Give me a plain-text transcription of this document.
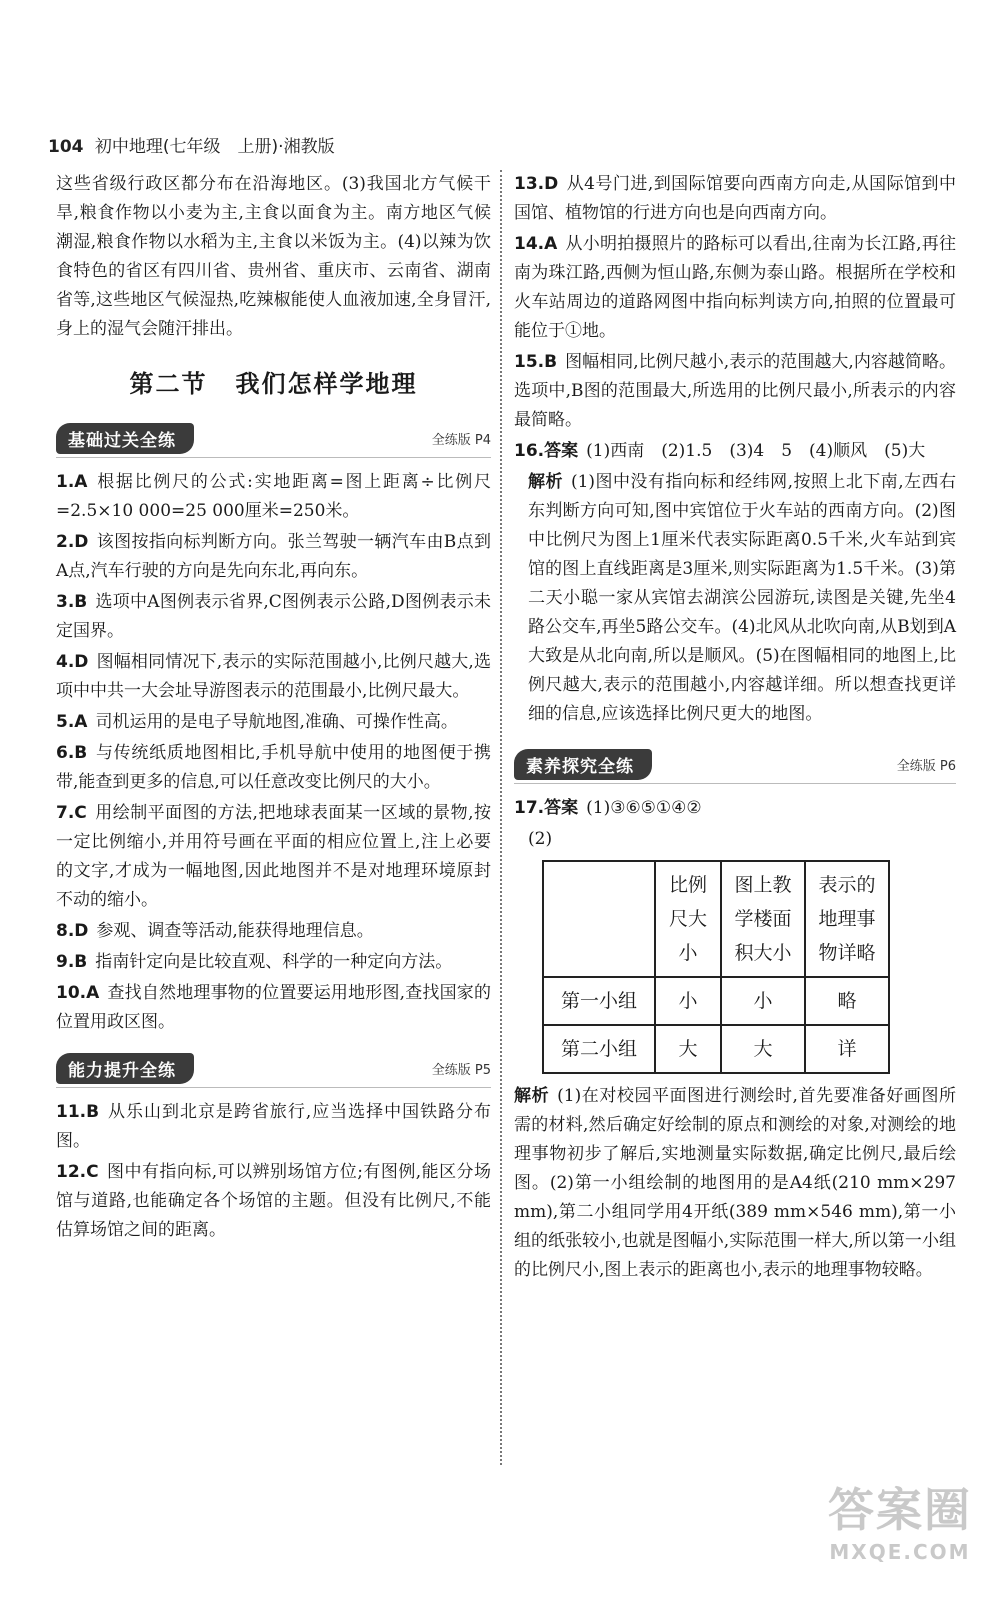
104 初中地理(七年级　上册)·湘教版

这些省级行政区都分布在沿海地区。(3)我国北方气候干旱,粮食作物以小麦为主,主食以面食为主。南方地区气候潮湿,粮食作物以水稻为主,主食以米饭为主。(4)以辣为饮食特色的省区有四川省、贵州省、重庆市、云南省、湖南省等,这些地区气候湿热,吃辣椒能使人血液加速,全身冒汗,身上的湿气会随汗排出。

第二节 我们怎样学地理
基础过关全练	全练版 P4

1.A 根据比例尺的公式:实地距离=图上距离÷比例尺=2.5×10 000=25 000厘米=250米。

2.D 该图按指向标判断方向。张兰驾驶一辆汽车由B点到A点,汽车行驶的方向是先向东北,再向东。

3.B 选项中A图例表示省界,C图例表示公路,D图例表示未定国界。

4.D 图幅相同情况下,表示的实际范围越小,比例尺越大,选项中中共一大会址导游图表示的范围最小,比例尺最大。

5.A 司机运用的是电子导航地图,准确、可操作性高。

6.B 与传统纸质地图相比,手机导航中使用的地图便于携带,能查到更多的信息,可以任意改变比例尺的大小。

7.C 用绘制平面图的方法,把地球表面某一区域的景物,按一定比例缩小,并用符号画在平面的相应位置上,注上必要的文字,才成为一幅地图,因此地图并不是对地理环境原封不动的缩小。

8.D 参观、调查等活动,能获得地理信息。

9.B 指南针定向是比较直观、科学的一种定向方法。

10.A 查找自然地理事物的位置要运用地形图,查找国家的位置用政区图。

能力提升全练	全练版 P5

11.B 从乐山到北京是跨省旅行,应当选择中国铁路分布图。

12.C 图中有指向标,可以辨别场馆方位;有图例,能区分场馆与道路,也能确定各个场馆的主题。但没有比例尺,不能估算场馆之间的距离。

13.D 从4号门进,到国际馆要向西南方向走,从国际馆到中国馆、植物馆的行进方向也是向西南方向。

14.A 从小明拍摄照片的路标可以看出,往南为长江路,再往南为珠江路,西侧为恒山路,东侧为泰山路。根据所在学校和火车站周边的道路网图中指向标判读方向,拍照的位置最可能位于①地。

15.B 图幅相同,比例尺越小,表示的范围越大,内容越简略。选项中,B图的范围最大,所选用的比例尺最小,所表示的内容最简略。

16.答案 (1)西南　(2)1.5　(3)4　5　(4)顺风　(5)大

解析 (1)图中没有指向标和经纬网,按照上北下南,左西右东判断方向可知,图中宾馆位于火车站的西南方向。(2)图中比例尺为图上1厘米代表实际距离0.5千米,火车站到宾馆的图上直线距离是3厘米,则实际距离为1.5千米。(3)第二天小聪一家从宾馆去湖滨公园游玩,读图是关键,先坐4路公交车,再坐5路公交车。(4)北风从北吹向南,从B划到A大致是从北向南,所以是顺风。(5)在图幅相同的地图上,比例尺越大,表示的范围越小,内容越详细。所以想查找更详细的信息,应该选择比例尺更大的地图。

素养探究全练	全练版 P6

17.答案 (1)③⑥⑤①④②

(2)

	比例尺大小	图上教学楼面积大小	表示的地理事物详略
第一小组	小	小	略
第二小组	大	大	详

解析 (1)在对校园平面图进行测绘时,首先要准备好画图所需的材料,然后确定好绘制的原点和测绘的对象,对测绘的地理事物初步了解后,实地测量实际数据,确定比例尺,最后绘图。(2)第一小组绘制的地图用的是A4纸(210 mm×297 mm),第二小组同学用4开纸(389 mm×546 mm),第一小组的纸张较小,也就是图幅小,实际范围一样大,所以第一小组的比例尺小,图上表示的距离也小,表示的地理事物较略。

答案圈
MXQE.COM
